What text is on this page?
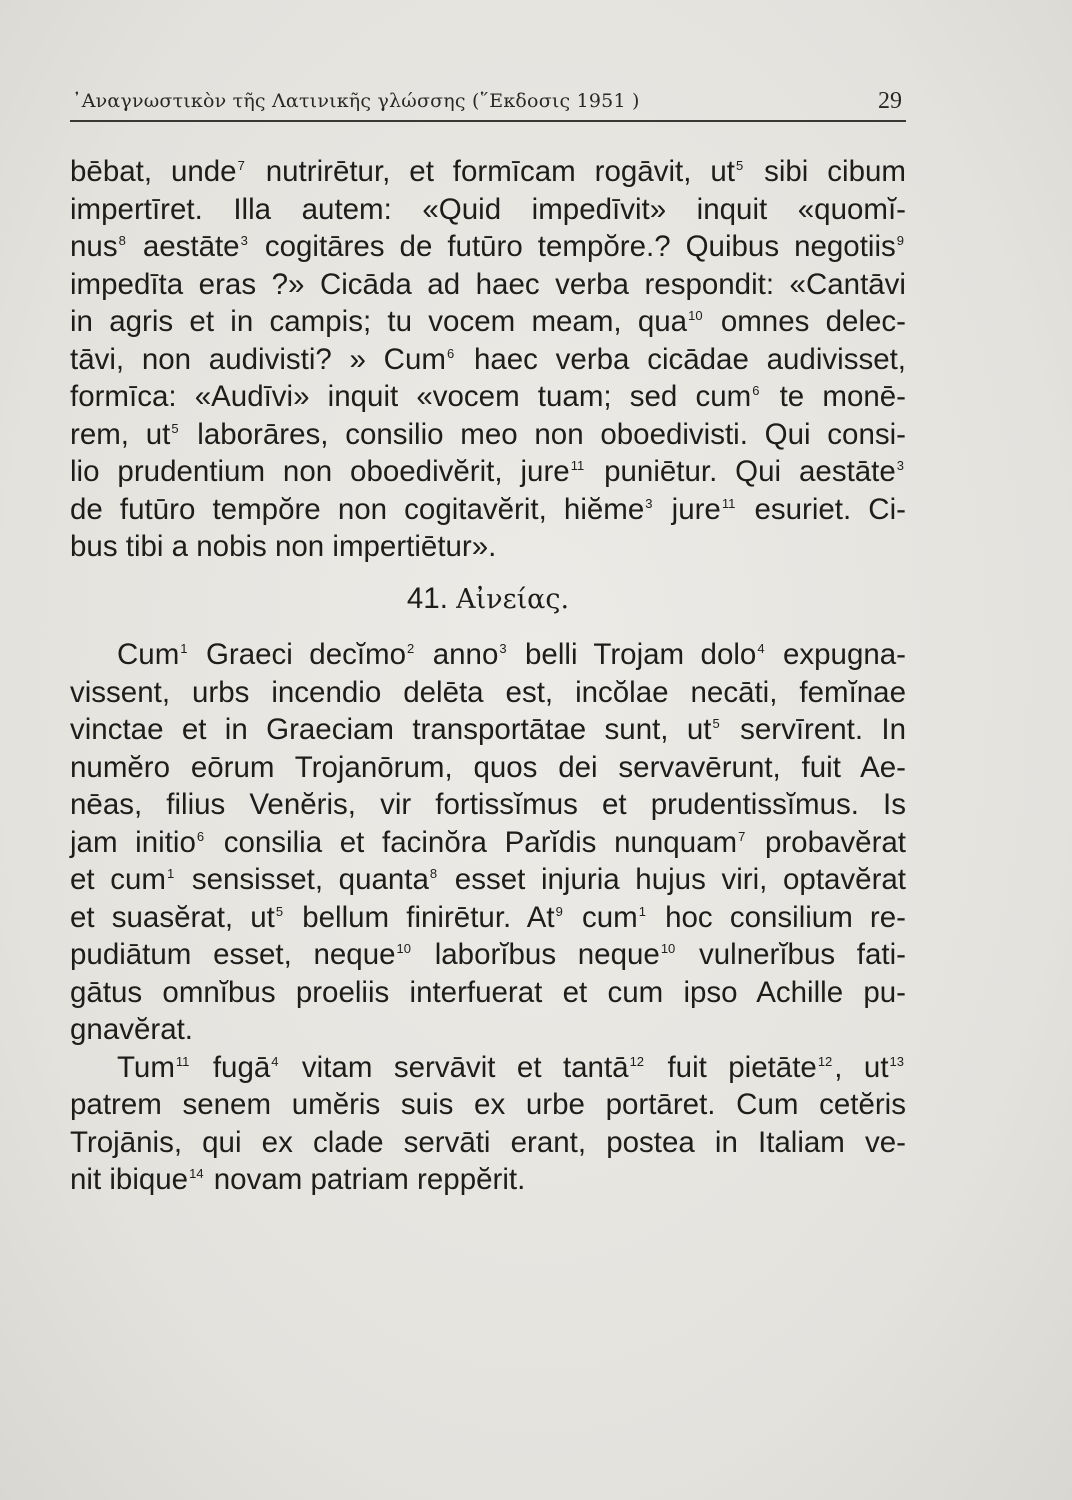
᾿Αναγνωστικὸν τῆς Λατινικῆς γλώσσης (῞Εκδοσις 1951 )	29
bēbat, unde$^7$ nutrirētur, et formīcam rogāvit, $ut^5$ sibi cibum
impertīret. Illa autem: «Quid impedīvit» inquit «quomĭ-
nus$^8$ aestāte$^3$ cogitāres de futūro tempŏre.? Quibus negotiis$^9$
impedīta eras ?» Cicāda ad haec verba respondit: «Cantāvi
in agris et in campis; tu vocem meam, qua$^{10}$ omnes delec-
tāvi, non audivisti? » Cum$^6$ haec verba cicādae audivisset,
formīca: «Audīvi» inquit «vocem tuam; sed cum$^6$ te monē-
rem, $ut^5$ laborāres, consilio meo non oboedivisti. Qui consi-
lio prudentium non oboedivĕrit, jure$^{11}$ puniētur. Qui aestāte$^3$
de futūro tempŏre non cogitavĕrit, hiĕme$^3$ jure$^{11}$ esuriet. Ci-
bus tibi a nobis non impertiētur».
41. Αἰνείας.
Cum$^1$ Graeci decĭmo$^2$ anno$^3$ belli Trojam dolo$^4$ expugna-
vissent, urbs incendio delēta est, incŏlae necāti, femĭnae
vinctae et in Graeciam transportātae sunt, $ut^5$ servīrent. In
numĕro eōrum Trojanōrum, quos dei servavērunt, fuit Ae-
nēas, filius Venĕris, vir fortissĭmus et prudentissĭmus. Is
jam initio$^6$ consilia et facinŏra Parĭdis nunquam$^7$ probavĕrat
et cum$^1$ sensisset, quanta$^8$ esset injuria hujus viri, optavĕrat
et suasĕrat, $ut^5$ bellum finirētur. At$^9$ cum$^1$ hoc consilium re-
pudiātum esset, neque$^{10}$ laborĭbus neque$^{10}$ vulnerĭbus fati-
gātus omnĭbus proeliis interfuerat et cum ipso Achille pu-
gnavĕrat.
Tum$^{11}$ fugā$^4$ vitam servāvit et tantā$^{12}$ fuit pietāte$^{12}$, $ut^{13}$
patrem senem umĕris suis ex urbe portāret. Cum cetĕris
Trojānis, qui ex clade servāti erant, postea in Italiam ve-
nit ibique$^{14}$ novam patriam reppĕrit.
